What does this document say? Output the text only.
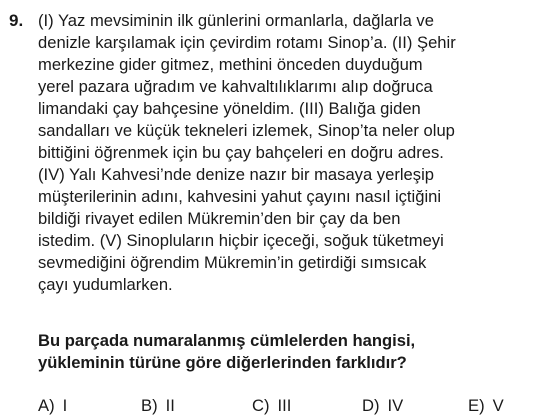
9. (I) Yaz mevsiminin ilk günlerini ormanlarla, dağlarla ve
denizle karşılamak için çevirdim rotamı Sinop’a. (II) Şehir
merkezine gider gitmez, methini önceden duyduğum
yerel pazara uğradım ve kahvaltılıklarımı alıp doğruca
limandaki çay bahçesine yöneldim. (III) Balığa giden
sandalları ve küçük tekneleri izlemek, Sinop’ta neler olup
bittiğini öğrenmek için bu çay bahçeleri en doğru adres.
(IV) Yalı Kahvesi’nde denize nazır bir masaya yerleşip
müşterilerinin adını, kahvesini yahut çayını nasıl içtiğini
bildiği rivayet edilen Mükremin’den bir çay da ben
istedim. (V) Sinopluların hiçbir içeceği, soğuk tüketmeyi
sevmediğini öğrendim Mükremin’in getirdiği sımsıcak
çayı yudumlarken.
Bu parçada numaralanmış cümlelerden hangisi,
yükleminin türüne göre diğerlerinden farklıdır?
A) I	B) II	C) III	D) IV	E) V
